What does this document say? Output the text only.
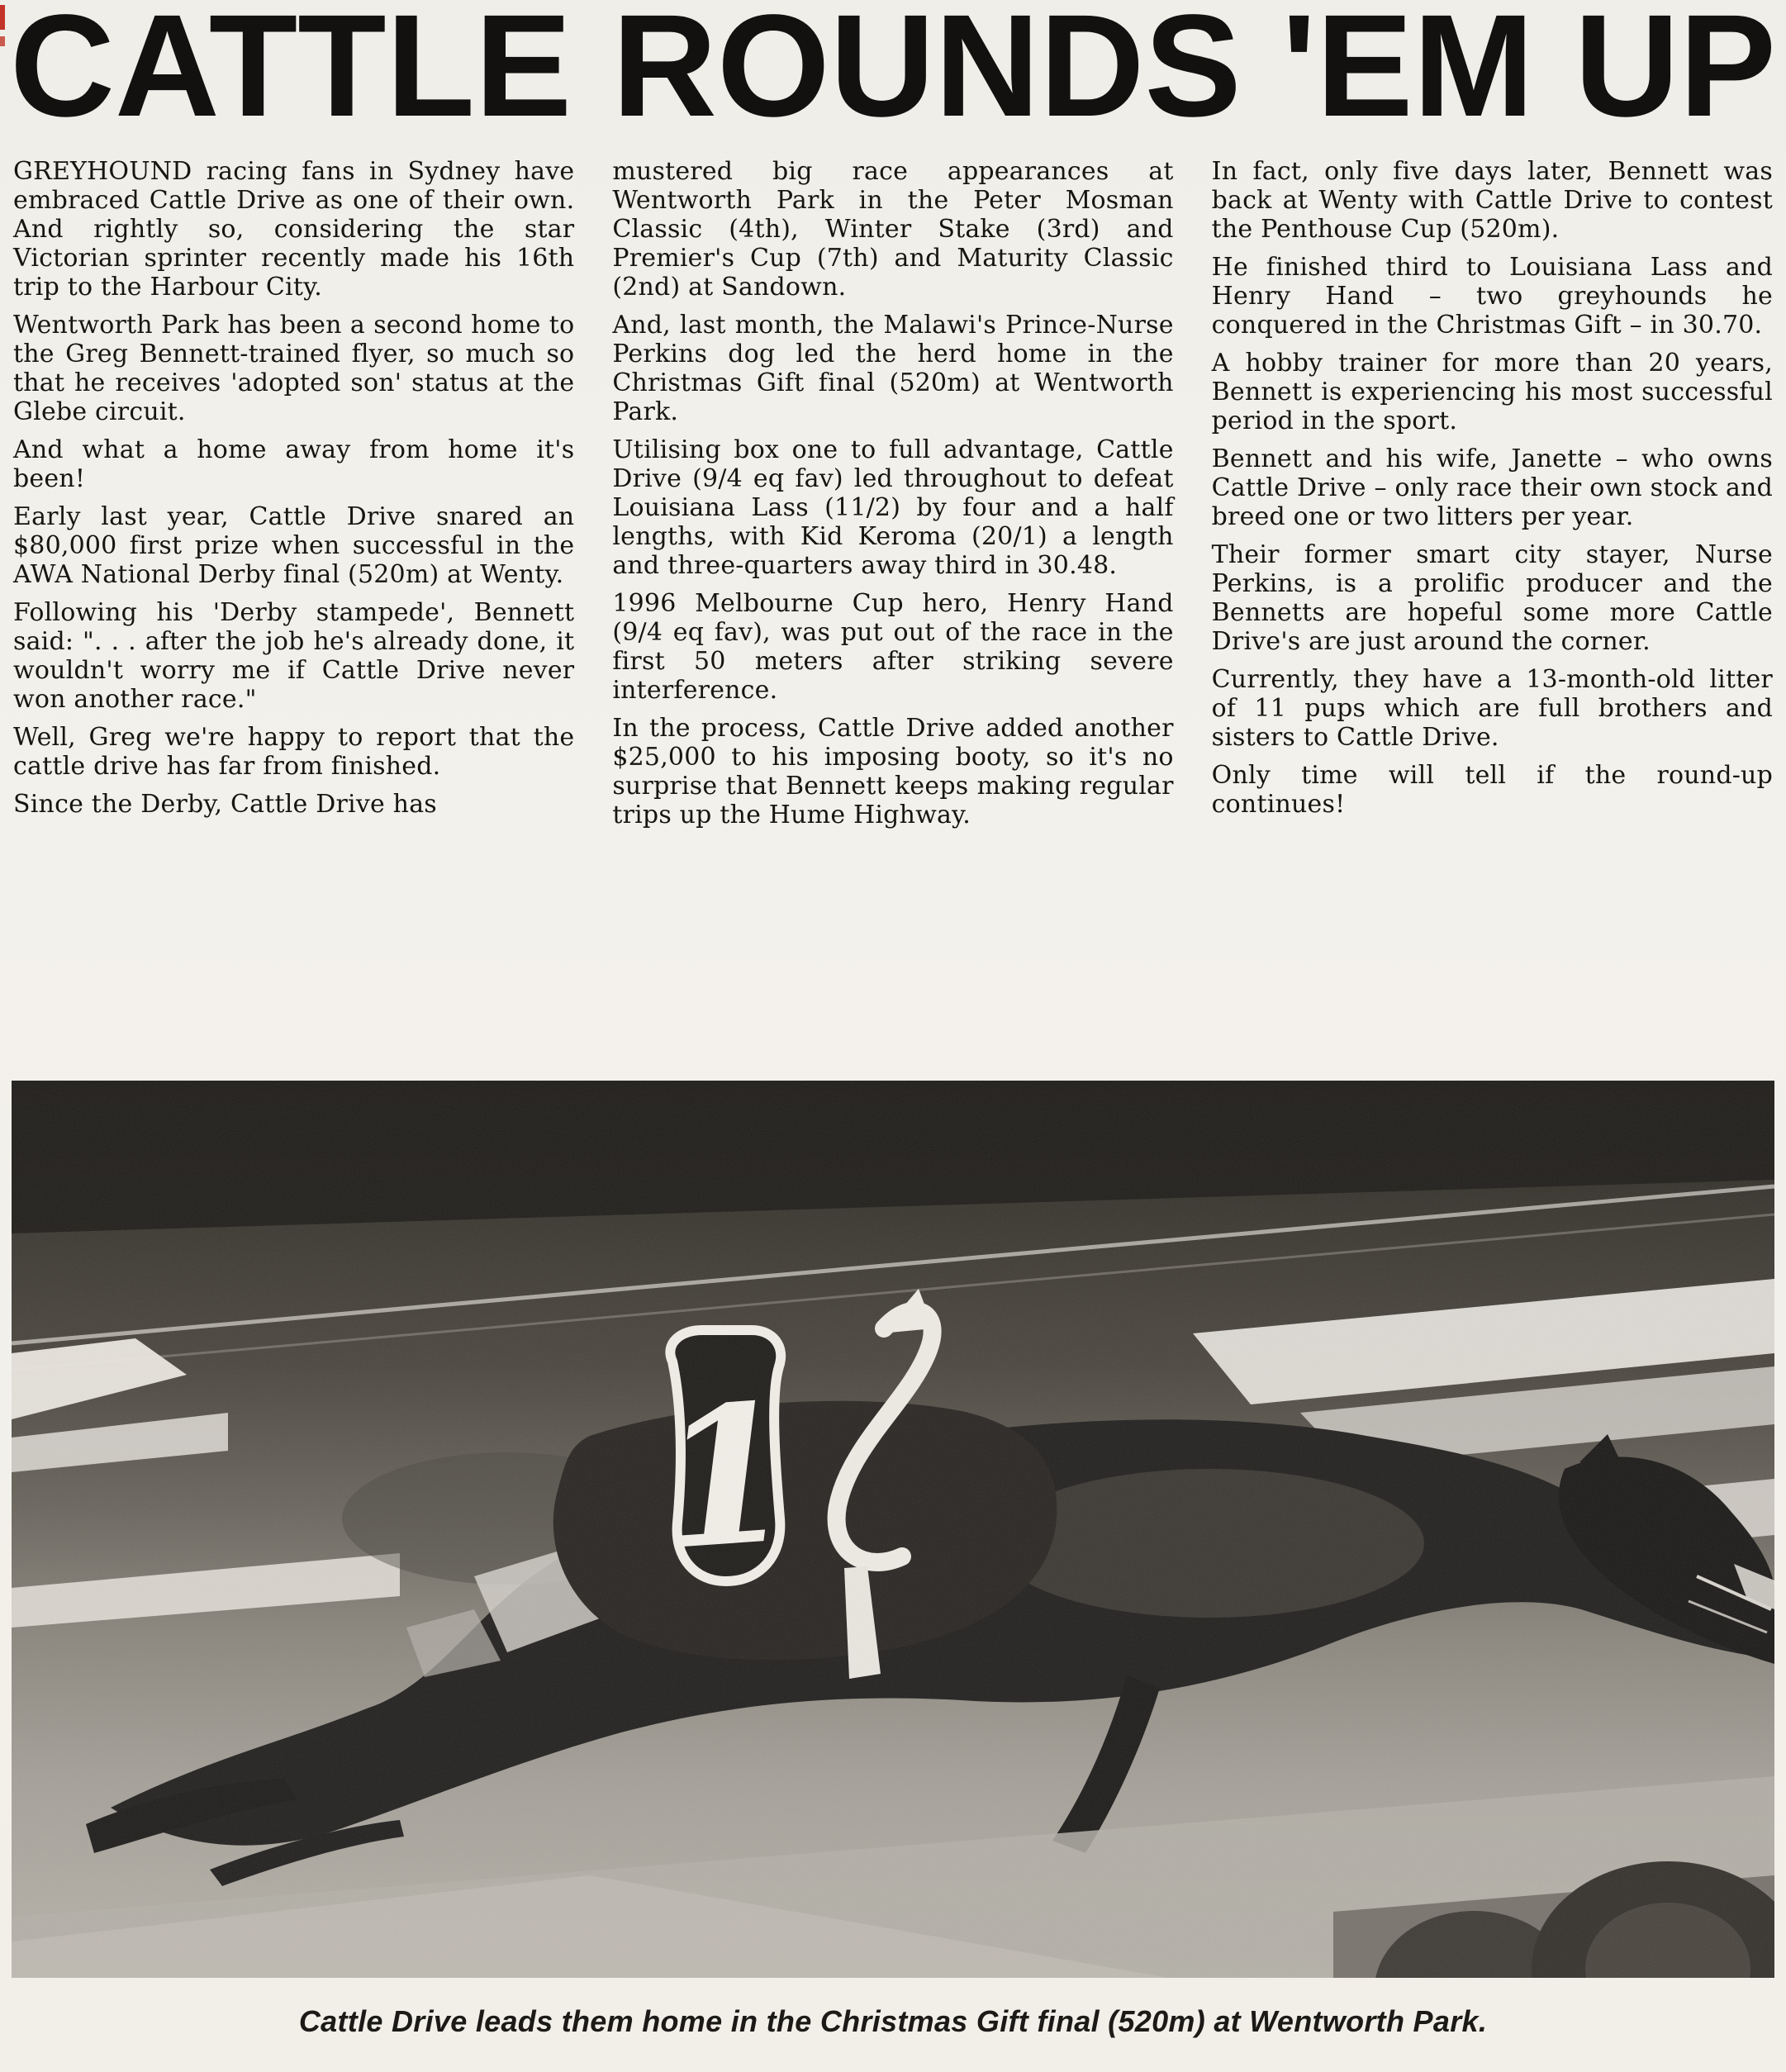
CATTLE ROUNDS 'EM UP

GREYHOUND racing fans in Sydney have embraced Cattle Drive as one of their own. And rightly so, considering the star Victorian sprinter recently made his 16th trip to the Harbour City.

Wentworth Park has been a second home to the Greg Bennett-trained flyer, so much so that he receives 'adopted son' status at the Glebe circuit.

And what a home away from home it's been!

Early last year, Cattle Drive snared an $80,000 first prize when successful in the AWA National Derby final (520m) at Wenty.

Following his 'Derby stampede', Bennett said: ". . . after the job he's already done, it wouldn't worry me if Cattle Drive never won another race."

Well, Greg we're happy to report that the cattle drive has far from finished.

Since the Derby, Cattle Drive has

mustered big race appearances at Wentworth Park in the Peter Mosman Classic (4th), Winter Stake (3rd) and Premier's Cup (7th) and Maturity Classic (2nd) at Sandown.

And, last month, the Malawi's Prince-Nurse Perkins dog led the herd home in the Christmas Gift final (520m) at Wentworth Park.

Utilising box one to full advantage, Cattle Drive (9/4 eq fav) led throughout to defeat Louisiana Lass (11/2) by four and a half lengths, with Kid Keroma (20/1) a length and three-quarters away third in 30.48.

1996 Melbourne Cup hero, Henry Hand (9/4 eq fav), was put out of the race in the first 50 meters after striking severe interference.

In the process, Cattle Drive added another $25,000 to his imposing booty, so it's no surprise that Bennett keeps making regular trips up the Hume Highway.

In fact, only five days later, Bennett was back at Wenty with Cattle Drive to contest the Penthouse Cup (520m).

He finished third to Louisiana Lass and Henry Hand – two greyhounds he conquered in the Christmas Gift – in 30.70.

A hobby trainer for more than 20 years, Bennett is experiencing his most successful period in the sport.

Bennett and his wife, Janette – who owns Cattle Drive – only race their own stock and breed one or two litters per year.

Their former smart city stayer, Nurse Perkins, is a prolific producer and the Bennetts are hopeful some more Cattle Drive's are just around the corner.

Currently, they have a 13-month-old litter of 11 pups which are full brothers and sisters to Cattle Drive.

Only time will tell if the round-up continues!

1
Cattle Drive leads them home in the Christmas Gift final (520m) at Wentworth Park.
